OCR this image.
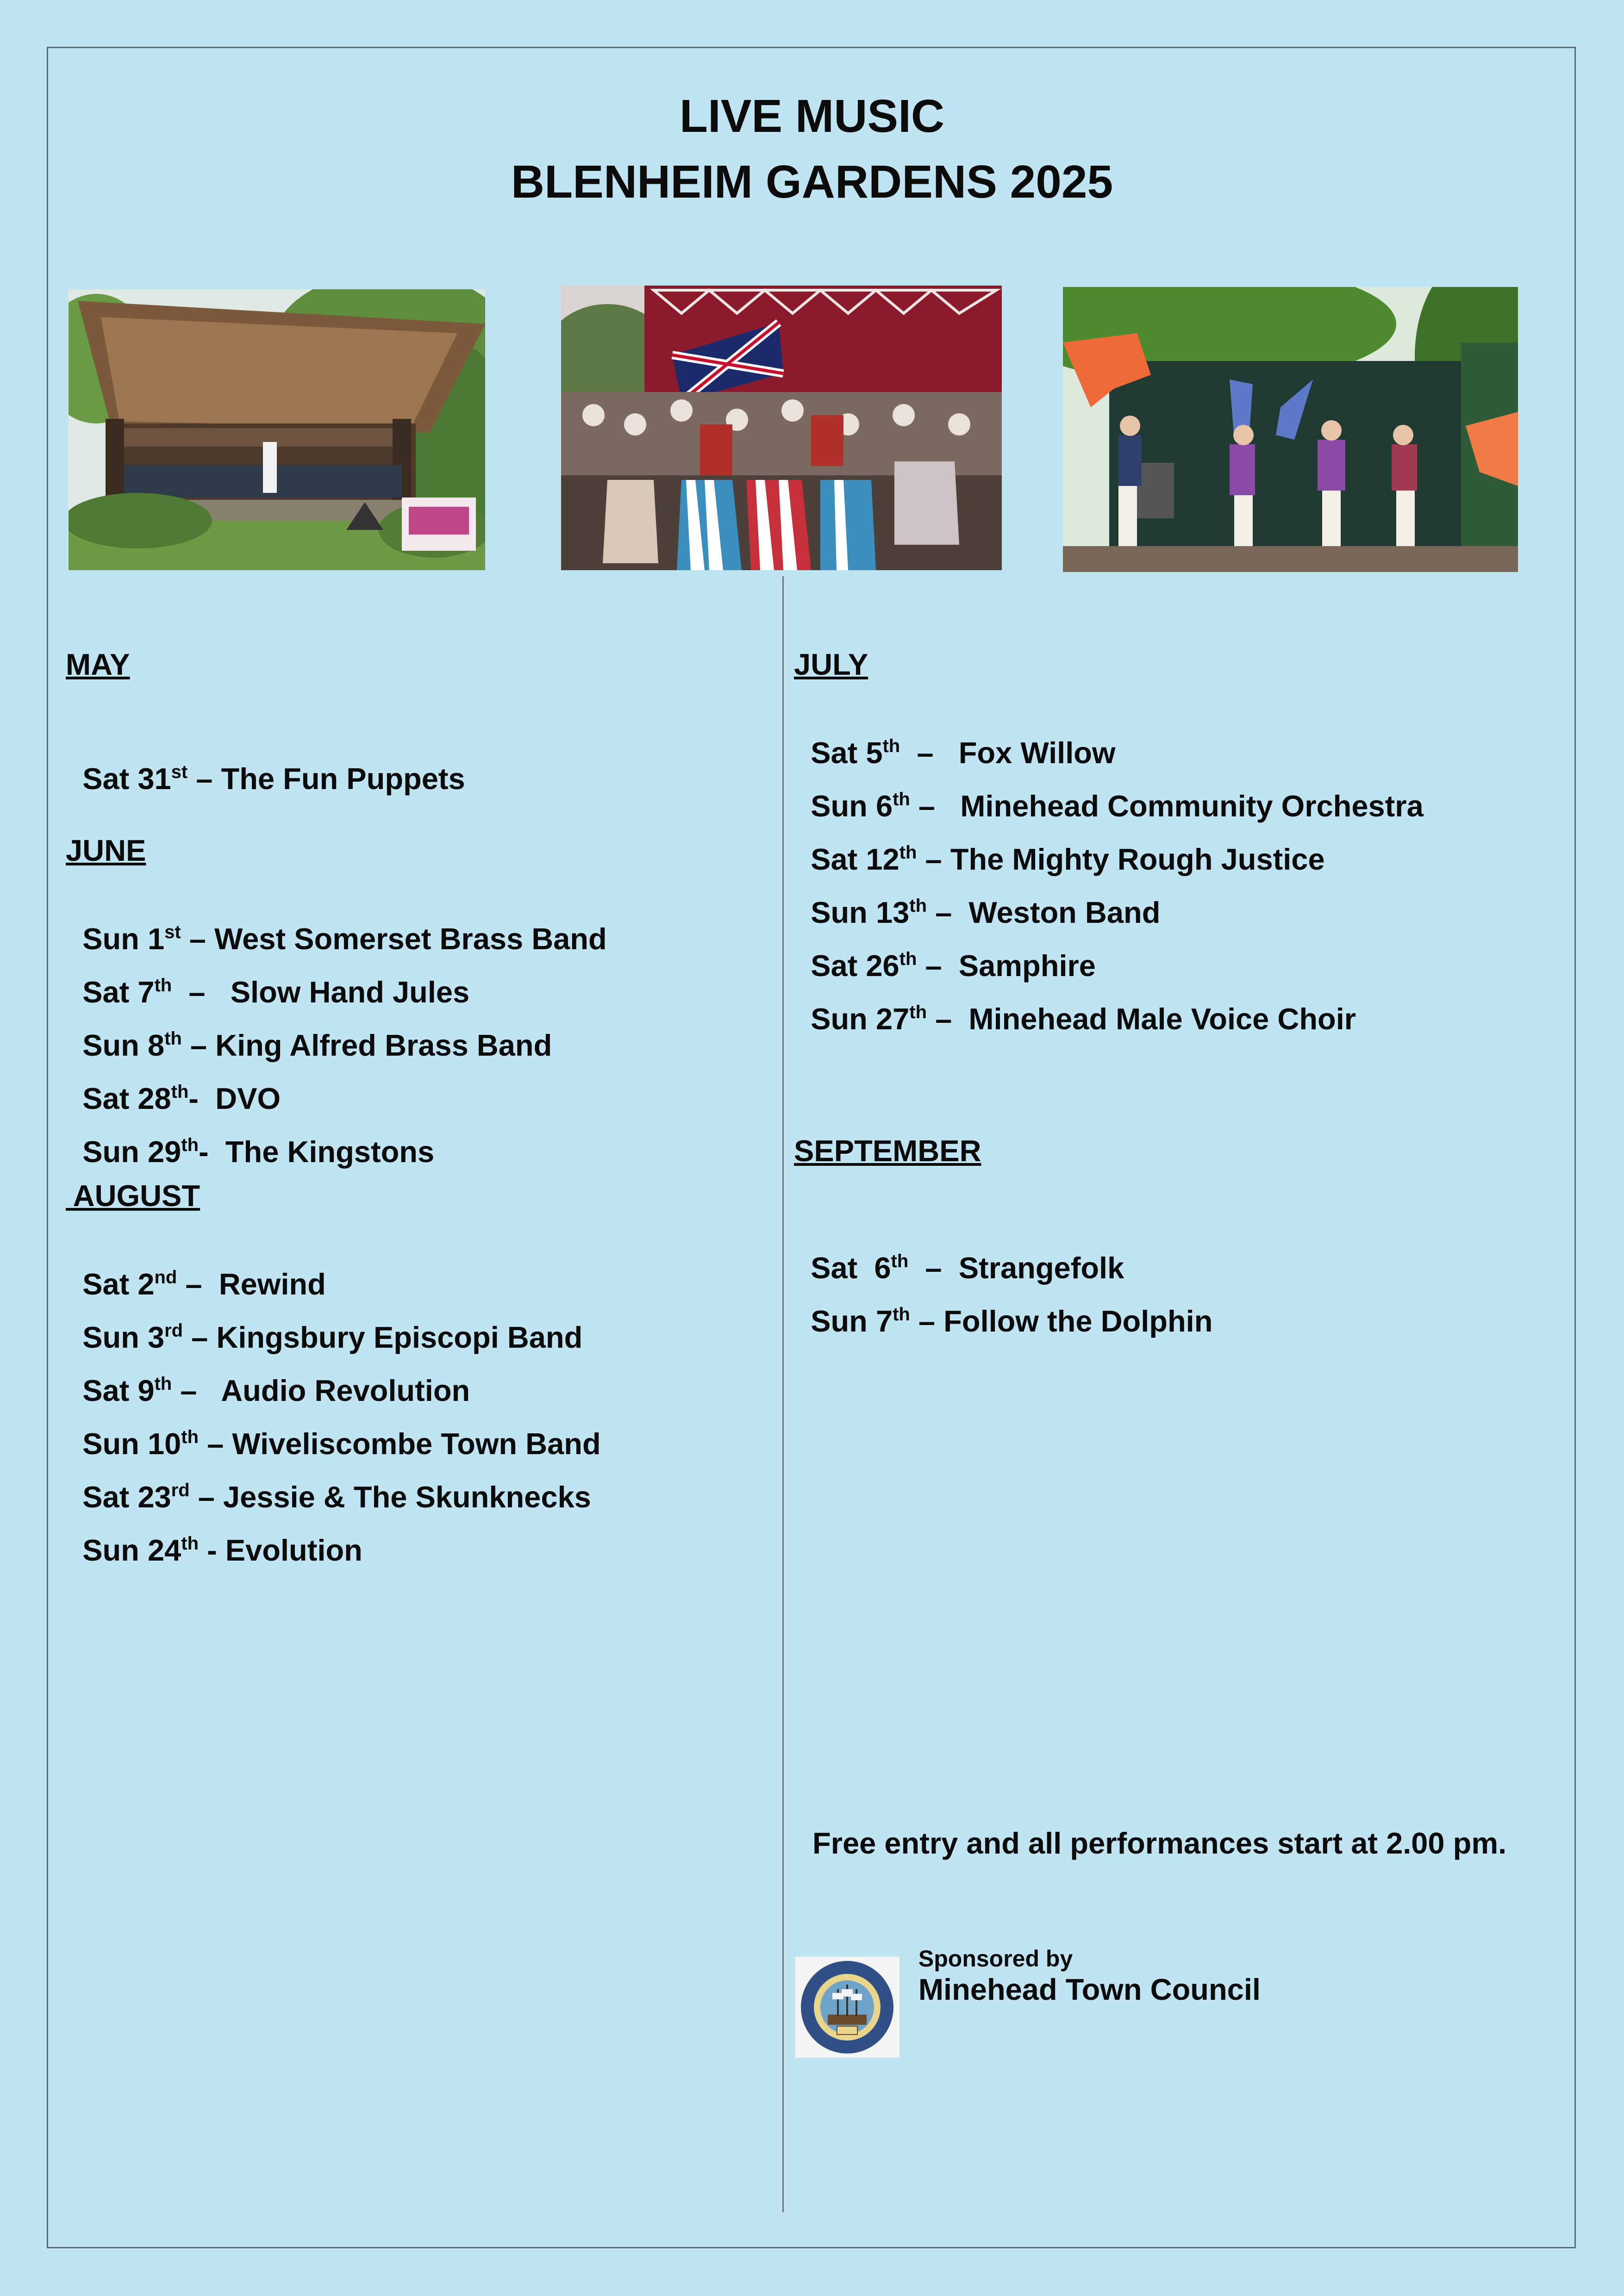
LIVE MUSIC
BLENHEIM GARDENS 2025
MAY

Sat 31st – The Fun Puppets

JUNE

Sun 1st – West Somerset Brass Band

Sat 7th  –   Slow Hand Jules

Sun 8th – King Alfred Brass Band

Sat 28th-  DVO

Sun 29th-  The Kingstons

AUGUST

Sat 2nd –  Rewind

Sun 3rd – Kingsbury Episcopi Band

Sat 9th –   Audio Revolution

Sun 10th – Wiveliscombe Town Band

Sat 23rd – Jessie & The Skunknecks

Sun 24th - Evolution

JULY

Sat 5th  –   Fox Willow

Sun 6th –   Minehead Community Orchestra

Sat 12th – The Mighty Rough Justice

Sun 13th –  Weston Band

Sat 26th –  Samphire

Sun 27th –  Minehead Male Voice Choir

SEPTEMBER

Sat  6th  –  Strangefolk

Sun 7th – Follow the Dolphin

Free entry and all performances start at 2.00 pm.

Sponsored by
Minehead Town Council
